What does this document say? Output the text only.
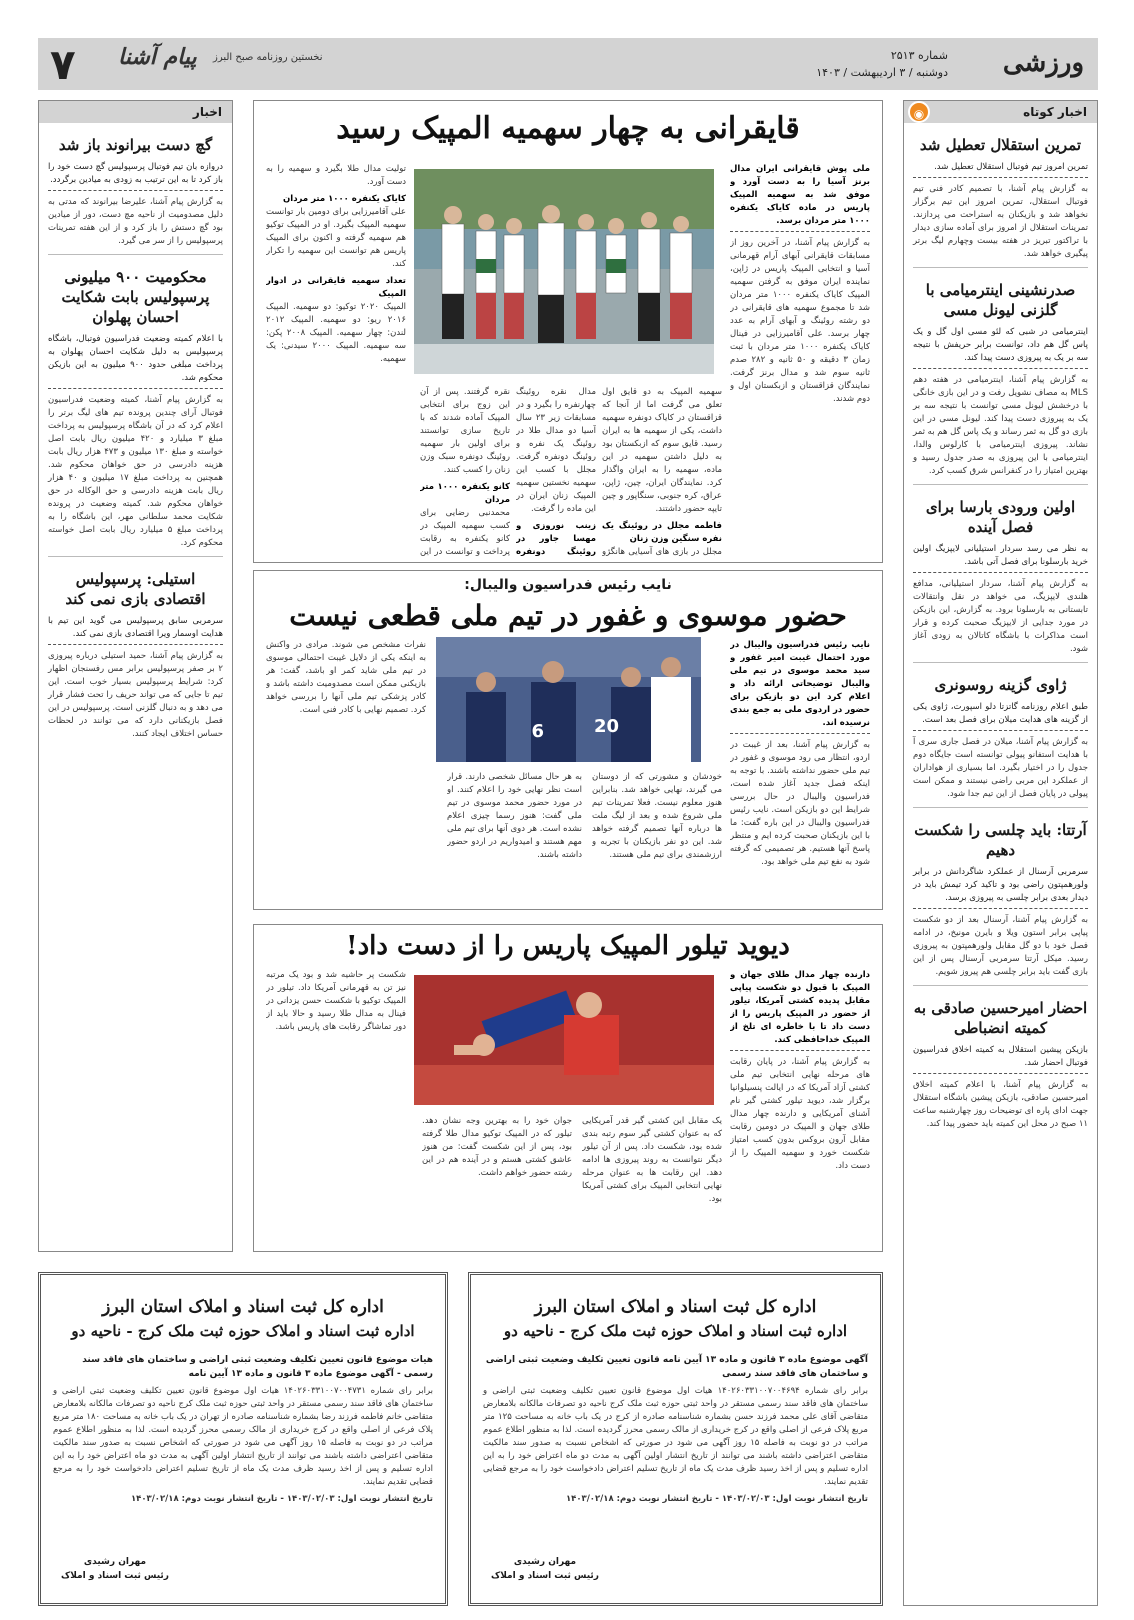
ورزشی
شماره ۲۵۱۳
دوشنبه / ۳ اردیبهشت / ۱۴۰۳
۷ پیام آشنا نخستین روزنامه صبح البرز
اخبار کوتاه
◉
تمرین استقلال تعطیل شد
تمرین امروز تیم فوتبال استقلال تعطیل شد.
به گزارش پیام آشنا، با تصمیم کادر فنی تیم فوتبال استقلال، تمرین امروز این تیم برگزار نخواهد شد و بازیکنان به استراحت می پردازند. تمرینات استقلال از امروز برای آماده سازی دیدار با تراکتور تبریز در هفته بیست وچهارم لیگ برتر پیگیری خواهد شد.
صدرنشینی اینترمیامی با گلزنی لیونل مسی
اینترمیامی در شبی که لئو مسی اول گل و یک پاس گل هم داد، توانست برابر حریفش با نتیجه سه بر یک به پیروزی دست پیدا کند.
به گزارش پیام آشنا، اینترمیامی در هفته دهم MLS به مصاف نشویل رفت و در این بازی خانگی با درخشش لیونل مسی توانست با نتیجه سه بر یک به پیروزی دست پیدا کند. لیونل مسی در این بازی دو گل به ثمر رساند و یک پاس گل هم به ثمر نشاند. پیروزی اینترمیامی با کارلوس والدا، اینترمیامی با این پیروزی به صدر جدول رسید و بهترین امتیاز را در کنفرانس شرق کسب کرد.
اولین ورودی بارسا برای فصل آینده
به نظر می رسد سردار استیلیانی لایپزیگ اولین خرید بارسلونا برای فصل آتی باشد.
به گزارش پیام آشنا، سردار استیلیانی، مدافع هلندی لایپزیگ، می خواهد در نقل وانتقالات تابستانی به بارسلونا برود. به گزارش، این بازیکن در مورد جدایی از لایپزیگ صحبت کرده و قرار است مذاکرات با باشگاه کاتالان به زودی آغاز شود.
ژاوی گزینه روسونری
طبق اعلام روزنامه گاتزتا دلو اسپورت، ژاوی یکی از گزینه های هدایت میلان برای فصل بعد است.
به گزارش پیام آشنا، میلان در فصل جاری سری آ با هدایت استفانو پیولی توانسته است جایگاه دوم جدول را در اختیار بگیرد. اما بسیاری از هواداران از عملکرد این مربی راضی نیستند و ممکن است پیولی در پایان فصل از این تیم جدا شود.
آرتتا: باید چلسی را شکست دهیم
سرمربی آرسنال از عملکرد شاگردانش در برابر ولورهمپتون راضی بود و تاکید کرد تیمش باید در دیدار بعدی برابر چلسی به پیروزی برسد.
به گزارش پیام آشنا، آرسنال بعد از دو شکست پیاپی برابر استون ویلا و بایرن مونیخ، در ادامه فصل خود با دو گل مقابل ولورهمپتون به پیروزی رسید. میکل آرتتا سرمربی آرسنال پس از این بازی گفت باید برابر چلسی هم پیروز شویم.
احضار امیرحسین صادقی به کمیته انضباطی
بازیکن پیشین استقلال به کمیته اخلاق فدراسیون فوتبال احضار شد.
به گزارش پیام آشنا، با اعلام کمیته اخلاق امیرحسین صادقی، بازیکن پیشین باشگاه استقلال جهت ادای پاره ای توضیحات روز چهارشنبه ساعت ۱۱ صبح در محل این کمیته باید حضور پیدا کند.
اخبار
گچ دست بیرانوند باز شد
دروازه بان تیم فوتبال پرسپولیس گچ دست خود را باز کرد تا به این ترتیب به زودی به میادین برگردد.
به گزارش پیام آشنا، علیرضا بیرانوند که مدتی به دلیل مصدومیت از ناحیه مچ دست، دور از میادین بود گچ دستش را باز کرد و از این هفته تمرینات پرسپولیس را از سر می گیرد.
محکومیت ۹۰۰ میلیونی پرسپولیس بابت شکایت احسان پهلوان
با اعلام کمیته وضعیت فدراسیون فوتبال، باشگاه پرسپولیس به دلیل شکایت احسان پهلوان به پرداخت مبلغی حدود ۹۰۰ میلیون به این بازیکن محکوم شد.
به گزارش پیام آشنا، کمیته وضعیت فدراسیون فوتبال آرای چندین پرونده تیم های لیگ برتر را اعلام کرد که در آن باشگاه پرسپولیس به پرداخت مبلغ ۳ میلیارد و ۴۲۰ میلیون ریال بابت اصل خواسته و مبلغ ۱۳۰ میلیون و ۴۷۳ هزار ریال بابت هزینه دادرسی در حق خواهان محکوم شد. همچنین به پرداخت مبلغ ۱۷ میلیون و ۴۰ هزار ریال بابت هزینه دادرسی و حق الوکاله در حق خواهان محکوم شد. کمیته وضعیت در پرونده شکایت محمد سلطانی مهر، این باشگاه را به پرداخت مبلغ ۵ میلیارد ریال بابت اصل خواسته محکوم کرد.
استیلی: پرسپولیس اقتصادی بازی نمی کند
سرمربی سابق پرسپولیس می گوید این تیم با هدایت اوسمار ویرا اقتصادی بازی نمی کند.
به گزارش پیام آشنا، حمید استیلی درباره پیروزی ۲ بر صفر پرسپولیس برابر مس رفسنجان اظهار کرد: شرایط پرسپولیس بسیار خوب است. این تیم تا جایی که می تواند حریف را تحت فشار قرار می دهد و به دنبال گلزنی است. پرسپولیس در این فصل بازیکنانی دارد که می توانند در لحظات حساس اختلاف ایجاد کنند.
قایقرانی به چهار سهمیه المپیک رسید
ملی پوش قایقرانی ایران مدال برنز آسیا را به دست آورد و موفق شد به سهمیه المپیک پاریس در ماده کایاک یکنفره ۱۰۰۰ متر مردان برسد.
به گزارش پیام آشنا، در آخرین روز از مسابقات قایقرانی آبهای آرام قهرمانی آسیا و انتخابی المپیک پاریس در ژاپن، نماینده ایران موفق به گرفتن سهمیه المپیک کایاک یکنفره ۱۰۰۰ متر مردان شد تا مجموع سهمیه های قایقرانی در دو رشته روئینگ و آبهای آرام به عدد چهار برسد. علی آقامیرزایی در فینال کایاک یکنفره ۱۰۰۰ متر مردان با ثبت زمان ۳ دقیقه و ۵۰ ثانیه و ۲۸۲ صدم ثانیه سوم شد و مدال برنز گرفت. نمایندگان قزاقستان و ازبکستان اول و دوم شدند.
سهمیه المپیک به دو قایق اول تعلق می گرفت اما از آنجا که قزاقستان در کایاک دونفره سهمیه داشت، یکی از سهمیه ها به ایران رسید. قایق سوم که ازبکستان بود به دلیل داشتن سهمیه در این ماده، سهمیه را به ایران واگذار کرد. نمایندگان ایران، چین، ژاپن، عراق، کره جنوبی، سنگاپور و چین تایپه حضور داشتند.
فاطمه مجلل در روئینگ یک نفره سنگین وزن زنان
مجلل در بازی های آسیایی هانگژو
مدال نقره روئینگ چهارنفره را بگیرد و در مسابقات زیر ۲۳ سال آسیا دو مدال طلا در روئینگ یک نفره و روئینگ دونفره گرفت. مجلل با کسب این سهمیه نخستین سهمیه المپیک زنان ایران در این ماده را گرفت.
زینب نوروزی و مهسا جاور در روئینگ دونفره
نقره گرفتند. پس از آن این زوج برای انتخابی المپیک آماده شدند که با تاریخ سازی توانستند برای اولین بار سهمیه روئینگ دونفره سبک وزن زنان را کسب کنند.
کانو یکنفره ۱۰۰۰ متر مردان
محمدنبی رضایی برای کسب سهمیه المپیک در کانو یکنفره به رقابت پرداخت و توانست در این
تولیت مدال طلا بگیرد و سهمیه را به دست آورد.
کایاک یکنفره ۱۰۰۰ متر مردان
علی آقامیرزایی برای دومین بار توانست سهمیه المپیک بگیرد. او در المپیک توکیو هم سهمیه گرفته و اکنون برای المپیک پاریس هم توانست این سهمیه را تکرار کند.
تعداد سهمیه قایقرانی در ادوار المپیک
المپیک ۲۰۲۰ توکیو: دو سهمیه. المپیک ۲۰۱۶ ریو: دو سهمیه. المپیک ۲۰۱۲ لندن: چهار سهمیه. المپیک ۲۰۰۸ پکن: سه سهمیه. المپیک ۲۰۰۰ سیدنی: یک سهمیه.
نایب رئیس فدراسیون والیبال:
حضور موسوی و غفور در تیم ملی قطعی نیست
نایب رئیس فدراسیون والیبال در مورد احتمال غیبت امیر غفور و سید محمد موسوی در تیم ملی والیبال توضیحاتی ارائه داد و اعلام کرد این دو بازیکن برای حضور در اردوی ملی به جمع بندی نرسیده اند.
به گزارش پیام آشنا، بعد از غیبت در اردو، انتظار می رود موسوی و غفور در تیم ملی حضور نداشته باشند. با توجه به اینکه فصل جدید آغاز شده است، فدراسیون والیبال در حال بررسی شرایط این دو بازیکن است. نایب رئیس فدراسیون والیبال در این باره گفت: ما با این بازیکنان صحبت کرده ایم و منتظر پاسخ آنها هستیم. هر تصمیمی که گرفته شود به نفع تیم ملی خواهد بود.
6	20
خودشان و مشورتی که از دوستان می گیرند، نهایی خواهد شد. بنابراین هنوز معلوم نیست. فعلا تمرینات تیم ملی شروع شده و بعد از لیگ ملت ها درباره آنها تصمیم گرفته خواهد شد. این دو نفر بازیکنان با تجربه و ارزشمندی برای تیم ملی هستند.
به هر حال مسائل شخصی دارند. قرار است نظر نهایی خود را اعلام کنند. او در مورد حضور محمد موسوی در تیم ملی گفت: هنوز رسما چیزی اعلام نشده است. هر دوی آنها برای تیم ملی مهم هستند و امیدواریم در اردو حضور داشته باشند.
نفرات مشخص می شوند. مرادی در واکنش به اینکه یکی از دلایل غیبت احتمالی موسوی در تیم ملی شاید کمر او باشد، گفت: هر بازیکنی ممکن است مصدومیت داشته باشد و کادر پزشکی تیم ملی آنها را بررسی خواهد کرد. تصمیم نهایی با کادر فنی است.
دیوید تیلور المپیک پاریس را از دست داد!
دارنده چهار مدال طلای جهان و المپیک با قبول دو شکست پیاپی مقابل پدیده کشتی آمریکا، تیلور از حضور در المپیک پاریس را از دست داد تا با خاطره ای تلخ از المپیک خداحافظی کند.
به گزارش پیام آشنا، در پایان رقابت های مرحله نهایی انتخابی تیم ملی کشتی آزاد آمریکا که در ایالت پنسیلوانیا برگزار شد، دیوید تیلور کشتی گیر نام آشنای آمریکایی و دارنده چهار مدال طلای جهان و المپیک در دومین رقابت مقابل آرون بروکس بدون کسب امتیاز شکست خورد و سهمیه المپیک را از دست داد.
یک مقابل این کشتی گیر قدر آمریکایی که به عنوان کشتی گیر سوم رتبه بندی شده بود، شکست داد. پس از آن تیلور دیگر نتوانست به روند پیروزی ها ادامه دهد. این رقابت ها به عنوان مرحله نهایی انتخابی المپیک برای کشتی آمریکا بود.
جوان خود را به بهترین وجه نشان دهد. تیلور که در المپیک توکیو مدال طلا گرفته بود، پس از این شکست گفت: من هنوز عاشق کشتی هستم و در آینده هم در این رشته حضور خواهم داشت.
شکست پر حاشیه شد و بود یک مرتبه نیز تن به قهرمانی آمریکا داد. تیلور در المپیک توکیو با شکست حسن یزدانی در فینال به مدال طلا رسید و حالا باید از دور تماشاگر رقابت های پاریس باشد.
اداره کل ثبت اسناد و املاک استان البرز
اداره ثبت اسناد و املاک حوزه ثبت ملک کرج - ناحیه دو
آگهی موضوع ماده ۳ قانون و ماده ۱۳ آیین نامه قانون تعیین تکلیف وضعیت ثبتی اراضی و ساختمان های فاقد سند رسمی
برابر رای شماره ۱۴۰۲۶۰۳۳۱۰۰۷۰۰۴۶۹۴ هیات اول موضوع قانون تعیین تکلیف وضعیت ثبتی اراضی و ساختمان های فاقد سند رسمی مستقر در واحد ثبتی حوزه ثبت ملک کرج ناحیه دو تصرفات مالکانه بلامعارض متقاضی آقای علی محمد فرزند حسن بشماره شناسنامه صادره از کرج در یک باب خانه به مساحت ۱۲۵ متر مربع پلاک فرعی از اصلی واقع در کرج خریداری از مالک رسمی محرز گردیده است. لذا به منظور اطلاع عموم مراتب در دو نوبت به فاصله ۱۵ روز آگهی می شود در صورتی که اشخاص نسبت به صدور سند مالکیت متقاضی اعتراضی داشته باشند می توانند از تاریخ انتشار اولین آگهی به مدت دو ماه اعتراض خود را به این اداره تسلیم و پس از اخذ رسید ظرف مدت یک ماه از تاریخ تسلیم اعتراض دادخواست خود را به مرجع قضایی تقدیم نمایند.
تاریخ انتشار نوبت اول: ۱۴۰۳/۰۲/۰۳ - تاریخ انتشار نوبت دوم: ۱۴۰۳/۰۲/۱۸
مهران رشیدی
رئیس ثبت اسناد و املاک
اداره کل ثبت اسناد و املاک استان البرز
اداره ثبت اسناد و املاک حوزه ثبت ملک کرج - ناحیه دو
هیات موضوع قانون تعیین تکلیف وضعیت ثبتی اراضی و ساختمان های فاقد سند رسمی - آگهی موضوع ماده ۳ قانون و ماده ۱۳ آیین نامه
برابر رای شماره ۱۴۰۲۶۰۳۳۱۰۰۷۰۰۴۷۳۱ هیات اول موضوع قانون تعیین تکلیف وضعیت ثبتی اراضی و ساختمان های فاقد سند رسمی مستقر در واحد ثبتی حوزه ثبت ملک کرج ناحیه دو تصرفات مالکانه بلامعارض متقاضی خانم فاطمه فرزند رضا بشماره شناسنامه صادره از تهران در یک باب خانه به مساحت ۱۸۰ متر مربع پلاک فرعی از اصلی واقع در کرج خریداری از مالک رسمی محرز گردیده است. لذا به منظور اطلاع عموم مراتب در دو نوبت به فاصله ۱۵ روز آگهی می شود در صورتی که اشخاص نسبت به صدور سند مالکیت متقاضی اعتراضی داشته باشند می توانند از تاریخ انتشار اولین آگهی به مدت دو ماه اعتراض خود را به این اداره تسلیم و پس از اخذ رسید ظرف مدت یک ماه از تاریخ تسلیم اعتراض دادخواست خود را به مرجع قضایی تقدیم نمایند.
تاریخ انتشار نوبت اول: ۱۴۰۳/۰۲/۰۳ - تاریخ انتشار نوبت دوم: ۱۴۰۳/۰۲/۱۸
مهران رشیدی
رئیس ثبت اسناد و املاک
